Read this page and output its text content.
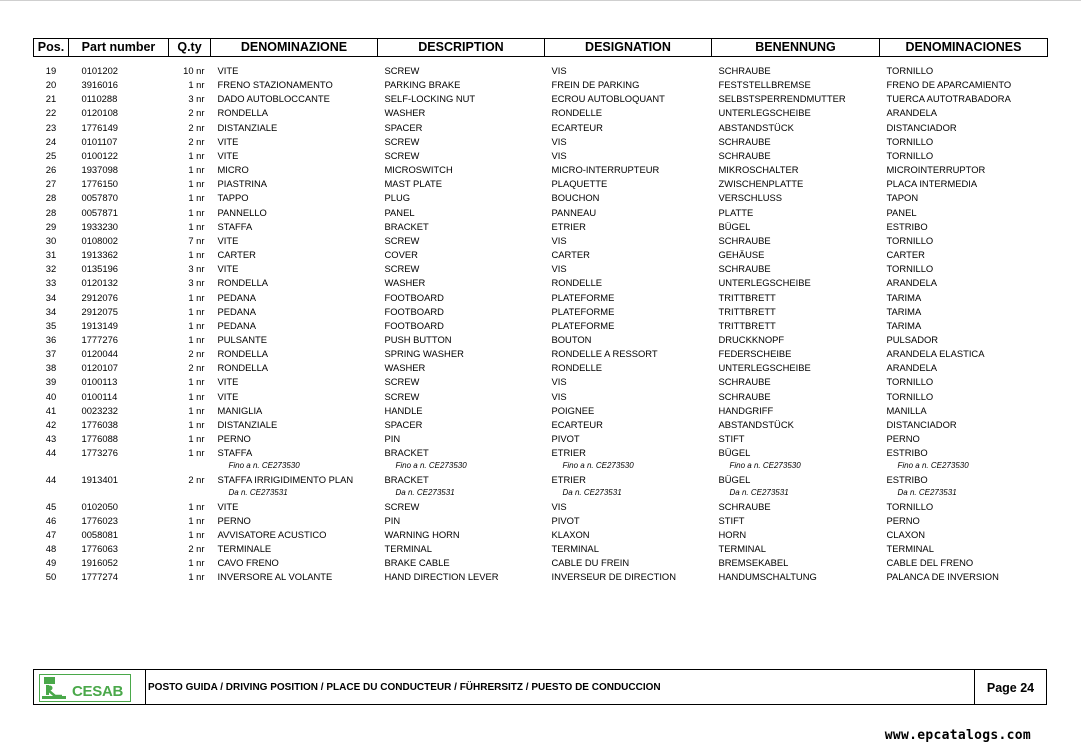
Pos.	Part number	Q.ty	DENOMINAZIONE	DESCRIPTION	DESIGNATION	BENENNUNG	DENOMINACIONES
19	0101202	10 nr	VITE	SCREW	VIS	SCHRAUBE	TORNILLO
20	3916016	1 nr	FRENO STAZIONAMENTO	PARKING BRAKE	FREIN DE PARKING	FESTSTELLBREMSE	FRENO DE APARCAMIENTO
21	0110288	3 nr	DADO AUTOBLOCCANTE	SELF-LOCKING NUT	ECROU AUTOBLOQUANT	SELBSTSPERRENDMUTTER	TUERCA AUTOTRABADORA
22	0120108	2 nr	RONDELLA	WASHER	RONDELLE	UNTERLEGSCHEIBE	ARANDELA
23	1776149	2 nr	DISTANZIALE	SPACER	ECARTEUR	ABSTANDSTÜCK	DISTANCIADOR
24	0101107	2 nr	VITE	SCREW	VIS	SCHRAUBE	TORNILLO
25	0100122	1 nr	VITE	SCREW	VIS	SCHRAUBE	TORNILLO
26	1937098	1 nr	MICRO	MICROSWITCH	MICRO-INTERRUPTEUR	MIKROSCHALTER	MICROINTERRUPTOR
27	1776150	1 nr	PIASTRINA	MAST PLATE	PLAQUETTE	ZWISCHENPLATTE	PLACA INTERMEDIA
28	0057870	1 nr	TAPPO	PLUG	BOUCHON	VERSCHLUSS	TAPON
28	0057871	1 nr	PANNELLO	PANEL	PANNEAU	PLATTE	PANEL
29	1933230	1 nr	STAFFA	BRACKET	ETRIER	BÜGEL	ESTRIBO
30	0108002	7 nr	VITE	SCREW	VIS	SCHRAUBE	TORNILLO
31	1913362	1 nr	CARTER	COVER	CARTER	GEHÄUSE	CARTER
32	0135196	3 nr	VITE	SCREW	VIS	SCHRAUBE	TORNILLO
33	0120132	3 nr	RONDELLA	WASHER	RONDELLE	UNTERLEGSCHEIBE	ARANDELA
34	2912076	1 nr	PEDANA	FOOTBOARD	PLATEFORME	TRITTBRETT	TARIMA
34	2912075	1 nr	PEDANA	FOOTBOARD	PLATEFORME	TRITTBRETT	TARIMA
35	1913149	1 nr	PEDANA	FOOTBOARD	PLATEFORME	TRITTBRETT	TARIMA
36	1777276	1 nr	PULSANTE	PUSH BUTTON	BOUTON	DRUCKKNOPF	PULSADOR
37	0120044	2 nr	RONDELLA	SPRING WASHER	RONDELLE A RESSORT	FEDERSCHEIBE	ARANDELA ELASTICA
38	0120107	2 nr	RONDELLA	WASHER	RONDELLE	UNTERLEGSCHEIBE	ARANDELA
39	0100113	1 nr	VITE	SCREW	VIS	SCHRAUBE	TORNILLO
40	0100114	1 nr	VITE	SCREW	VIS	SCHRAUBE	TORNILLO
41	0023232	1 nr	MANIGLIA	HANDLE	POIGNEE	HANDGRIFF	MANILLA
42	1776038	1 nr	DISTANZIALE	SPACER	ECARTEUR	ABSTANDSTÜCK	DISTANCIADOR
43	1776088	1 nr	PERNO	PIN	PIVOT	STIFT	PERNO
44	1773276	1 nr	STAFFA	BRACKET	ETRIER	BÜGEL	ESTRIBO
			Fino a n. CE273530	Fino a n. CE273530	Fino a n. CE273530	Fino a n. CE273530	Fino a n. CE273530
44	1913401	2 nr	STAFFA IRRIGIDIMENTO PLAN	BRACKET	ETRIER	BÜGEL	ESTRIBO
			Da n. CE273531	Da n. CE273531	Da n. CE273531	Da n. CE273531	Da n. CE273531
45	0102050	1 nr	VITE	SCREW	VIS	SCHRAUBE	TORNILLO
46	1776023	1 nr	PERNO	PIN	PIVOT	STIFT	PERNO
47	0058081	1 nr	AVVISATORE ACUSTICO	WARNING HORN	KLAXON	HORN	CLAXON
48	1776063	2 nr	TERMINALE	TERMINAL	TERMINAL	TERMINAL	TERMINAL
49	1916052	1 nr	CAVO FRENO	BRAKE CABLE	CABLE DU FREIN	BREMSEKABEL	CABLE DEL FRENO
50	1777274	1 nr	INVERSORE AL VOLANTE	HAND DIRECTION LEVER	INVERSEUR DE DIRECTION	HANDUMSCHALTUNG	PALANCA DE INVERSION
CESAB POSTO GUIDA / DRIVING POSITION / PLACE DU CONDUCTEUR / FÜHRERSITZ / PUESTO DE CONDUCCION	Page 24
www.epcatalogs.com
